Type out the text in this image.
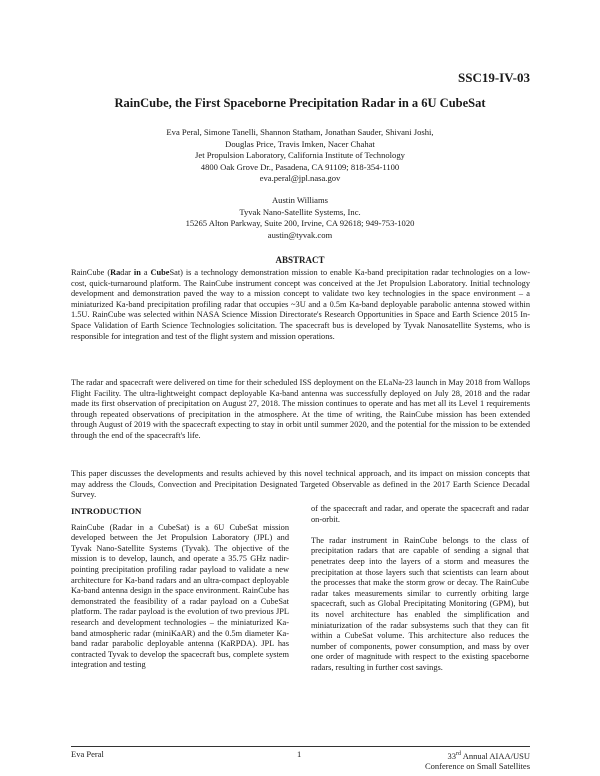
SSC19-IV-03
RainCube, the First Spaceborne Precipitation Radar in a 6U CubeSat
Eva Peral, Simone Tanelli, Shannon Statham, Jonathan Sauder, Shivani Joshi,
Douglas Price, Travis Imken, Nacer Chahat
Jet Propulsion Laboratory, California Institute of Technology
4800 Oak Grove Dr., Pasadena, CA 91109; 818-354-1100
eva.peral@jpl.nasa.gov
Austin Williams
Tyvak Nano-Satellite Systems, Inc.
15265 Alton Parkway, Suite 200, Irvine, CA 92618; 949-753-1020
austin@tyvak.com
ABSTRACT

RainCube (Radar in a CubeSat) is a technology demonstration mission to enable Ka-band precipitation radar technologies on a low-cost, quick-turnaround platform. The RainCube instrument concept was conceived at the Jet Propulsion Laboratory. Initial technology development and demonstration paved the way to a mission concept to validate two key technologies in the space environment – a miniaturized Ka-band precipitation profiling radar that occupies ~3U and a 0.5m Ka-band deployable parabolic antenna stowed within 1.5U. RainCube was selected within NASA Science Mission Directorate's Research Opportunities in Space and Earth Science 2015 In-Space Validation of Earth Science Technologies solicitation. The spacecraft bus is developed by Tyvak Nanosatellite Systems, who is responsible for integration and test of the flight system and mission operations.

The radar and spacecraft were delivered on time for their scheduled ISS deployment on the ELaNa-23 launch in May 2018 from Wallops Flight Facility. The ultra-lightweight compact deployable Ka-band antenna was successfully deployed on July 28, 2018 and the radar made its first observation of precipitation on August 27, 2018. The mission continues to operate and has met all its Level 1 requirements through repeated observations of precipitation in the atmosphere. At the time of writing, the RainCube mission has been extended through August of 2019 with the spacecraft expecting to stay in orbit until summer 2020, and the potential for the mission to be extended through the end of the spacecraft's life.

This paper discusses the developments and results achieved by this novel technical approach, and its impact on mission concepts that may address the Clouds, Convection and Precipitation Designated Targeted Observable as defined in the 2017 Earth Science Decadal Survey.

INTRODUCTION

RainCube (Radar in a CubeSat) is a 6U CubeSat mission developed between the Jet Propulsion Laboratory (JPL) and Tyvak Nano-Satellite Systems (Tyvak). The objective of the mission is to develop, launch, and operate a 35.75 GHz nadir-pointing precipitation profiling radar payload to validate a new architecture for Ka-band radars and an ultra-compact deployable Ka-band antenna design in the space environment. RainCube has demonstrated the feasibility of a radar payload on a CubeSat platform. The radar payload is the evolution of two previous JPL research and development technologies – the miniaturized Ka-band atmospheric radar (miniKaAR) and the 0.5m diameter Ka-band radar parabolic deployable antenna (KaRPDA). JPL has contracted Tyvak to develop the spacecraft bus, complete system integration and testing

of the spacecraft and radar, and operate the spacecraft and radar on-orbit.

The radar instrument in RainCube belongs to the class of precipitation radars that are capable of sending a signal that penetrates deep into the layers of a storm and measures the precipitation at those layers such that scientists can learn about the processes that make the storm grow or decay. The RainCube radar takes measurements similar to currently orbiting large spacecraft, such as Global Precipitating Monitoring (GPM), but its novel architecture has enabled the simplification and miniaturization of the radar subsystems such that they can fit within a CubeSat volume. This architecture also reduces the number of components, power consumption, and mass by over one order of magnitude with respect to the existing spaceborne radars, resulting in further cost savings.

Eva Peral	1	33rd Annual AIAA/USU
Conference on Small Satellites
